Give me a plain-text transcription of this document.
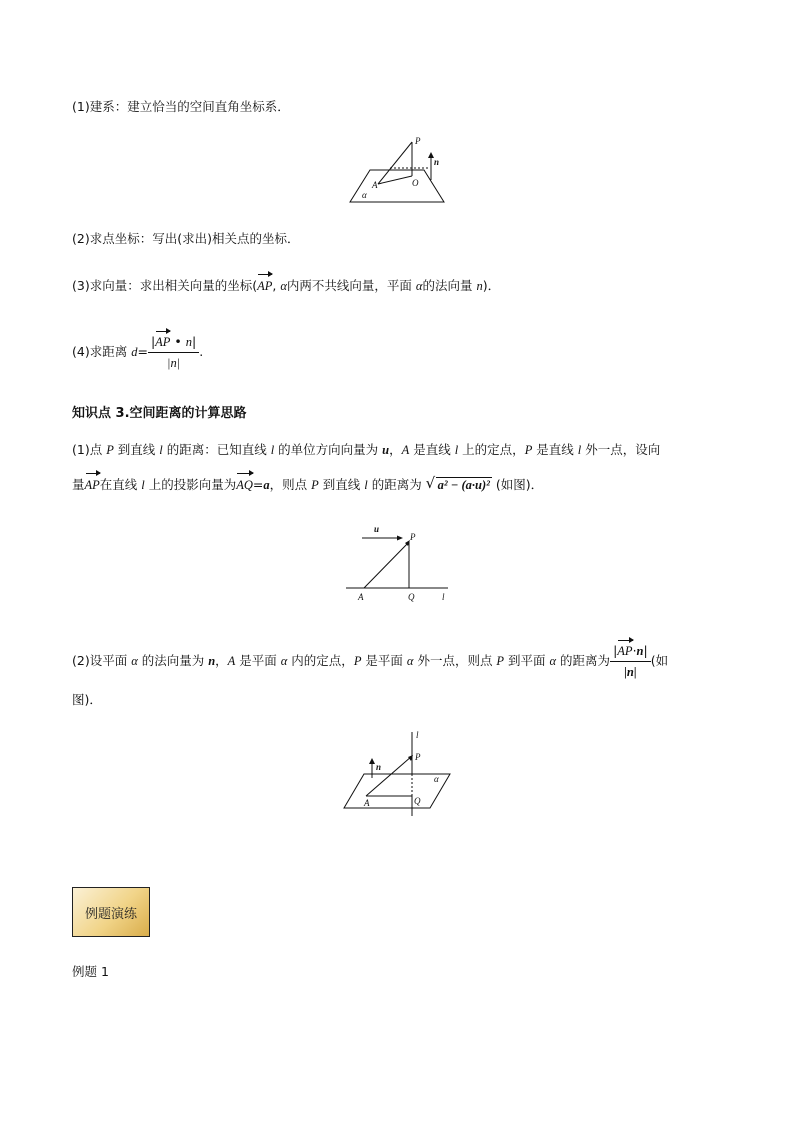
(1)建系：建立恰当的空间直角坐标系．
P
n
A	O
α
(2)求点坐标：写出(求出)相关点的坐标．
(3)求向量：求出相关向量的坐标(AP, α内两不共线向量，平面 α的法向量 n)．
(4)求距离 $d= \frac{|AP • n|}{|n|}$ .
知识点 3.空间距离的计算思路
(1)点 P 到直线 l 的距离：已知直线 l 的单位方向向量为 u，A 是直线 l 上的定点，P 是直线 l 外一点，设向
量AP在直线 l 上的投影向量为AQ=a，则点 P 到直线 l 的距离为 √ a² − (a·u)² (如图)．
u
P
A	Q	l
(2)设平面 α 的法向量为 n，A 是平面 α 内的定点，P 是平面 α 外一点，则点 P 到平面 α 的距离为 $\frac{|AP\cdot n|}{|n|}$ (如
图)．
l
P
n
α
A	Q
例题演练
例题 1
